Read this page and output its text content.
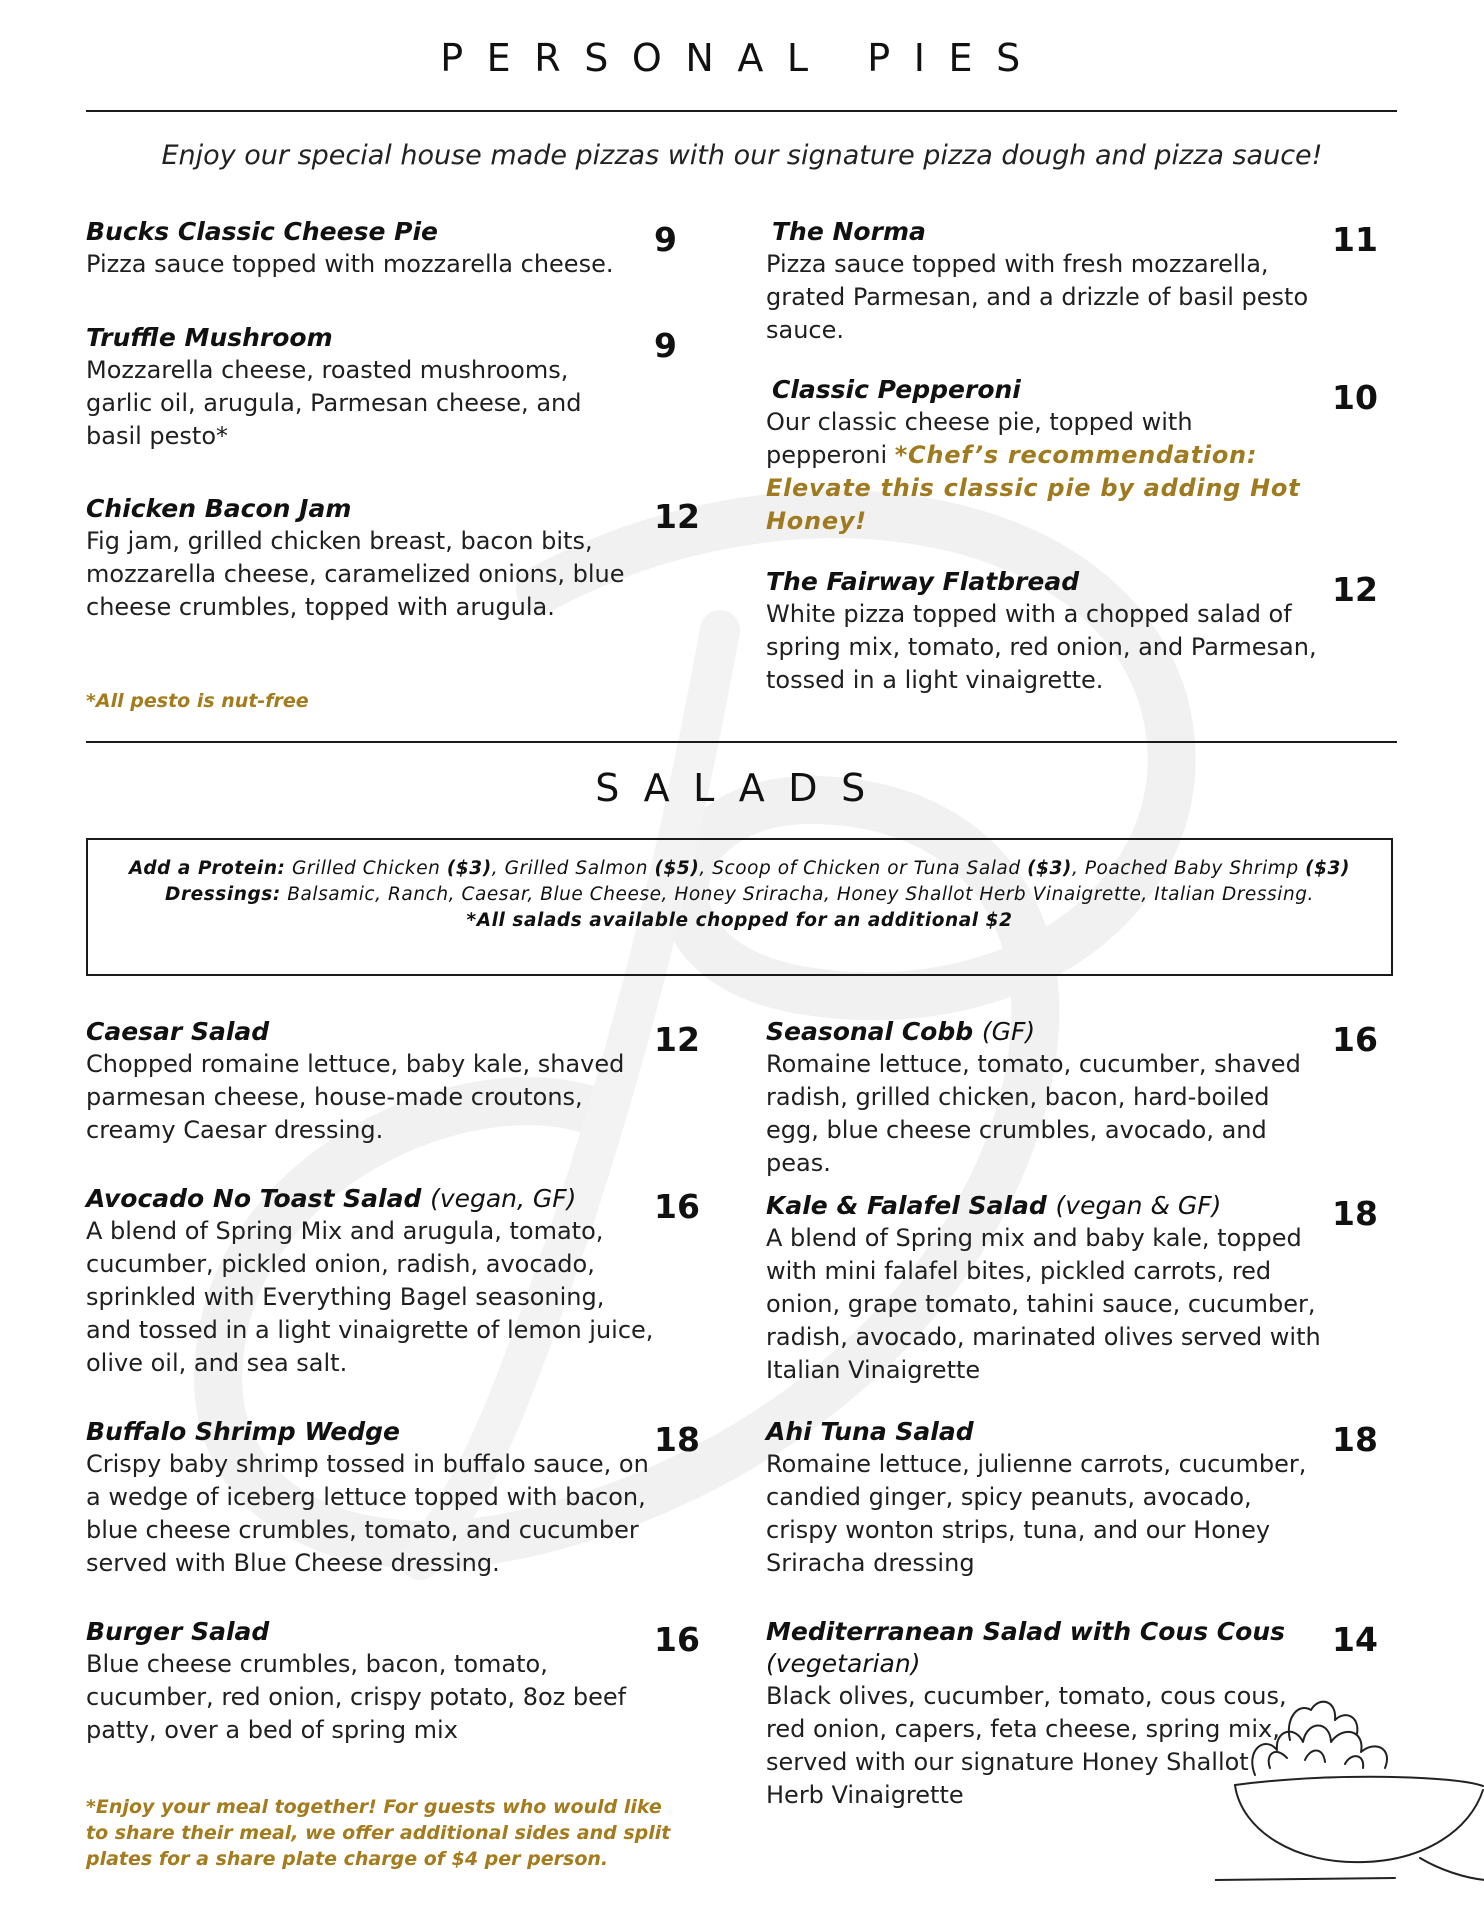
PERSONAL PIES
Enjoy our special house made pizzas with our signature pizza dough and pizza sauce!
Bucks Classic Cheese Pie
Pizza sauce topped with mozzarella cheese.
9
Truffle Mushroom
Mozzarella cheese, roasted mushrooms, garlic oil, arugula, Parmesan cheese, and basil pesto*
9
Chicken Bacon Jam
Fig jam, grilled chicken breast, bacon bits, mozzarella cheese, caramelized onions, blue cheese crumbles, topped with arugula.
12
*All pesto is nut-free
The Norma
Pizza sauce topped with fresh mozzarella, grated Parmesan, and a drizzle of basil pesto sauce.
11
Classic Pepperoni
Our classic cheese pie, topped with pepperoni *Chef’s recommendation: Elevate this classic pie by adding Hot Honey!
10
The Fairway Flatbread
White pizza topped with a chopped salad of spring mix, tomato, red onion, and Parmesan, tossed in a light vinaigrette.
12
SALADS
Add a Protein: Grilled Chicken ($3), Grilled Salmon ($5), Scoop of Chicken or Tuna Salad ($3), Poached Baby Shrimp ($3) Dressings: Balsamic, Ranch, Caesar, Blue Cheese, Honey Sriracha, Honey Shallot Herb Vinaigrette, Italian Dressing.
*All salads available chopped for an additional $2
Caesar Salad
Chopped romaine lettuce, baby kale, shaved parmesan cheese, house-made croutons, creamy Caesar dressing.
12
Avocado No Toast Salad (vegan, GF)
A blend of Spring Mix and arugula, tomato, cucumber, pickled onion, radish, avocado, sprinkled with Everything Bagel seasoning, and tossed in a light vinaigrette of lemon juice, olive oil, and sea salt.
16
Buffalo Shrimp Wedge
Crispy baby shrimp tossed in buffalo sauce, on a wedge of iceberg lettuce topped with bacon, blue cheese crumbles, tomato, and cucumber served with Blue Cheese dressing.
18
Burger Salad
Blue cheese crumbles, bacon, tomato, cucumber, red onion, crispy potato, 8oz beef patty, over a bed of spring mix
16
*Enjoy your meal together! For guests who would like to share their meal, we offer additional sides and split plates for a share plate charge of $4 per person.
Seasonal Cobb (GF)
Romaine lettuce, tomato, cucumber, shaved radish, grilled chicken, bacon, hard-boiled egg, blue cheese crumbles, avocado, and peas.
16
Kale & Falafel Salad (vegan & GF)
A blend of Spring mix and baby kale, topped with mini falafel bites, pickled carrots, red onion, grape tomato, tahini sauce, cucumber, radish, avocado, marinated olives served with Italian Vinaigrette
18
Ahi Tuna Salad
Romaine lettuce, julienne carrots, cucumber, candied ginger, spicy peanuts, avocado, crispy wonton strips, tuna, and our Honey Sriracha dressing
18
Mediterranean Salad with Cous Cous
(vegetarian)
Black olives, cucumber, tomato, cous cous, red onion, capers, feta cheese, spring mix, served with our signature Honey Shallot Herb Vinaigrette
14
